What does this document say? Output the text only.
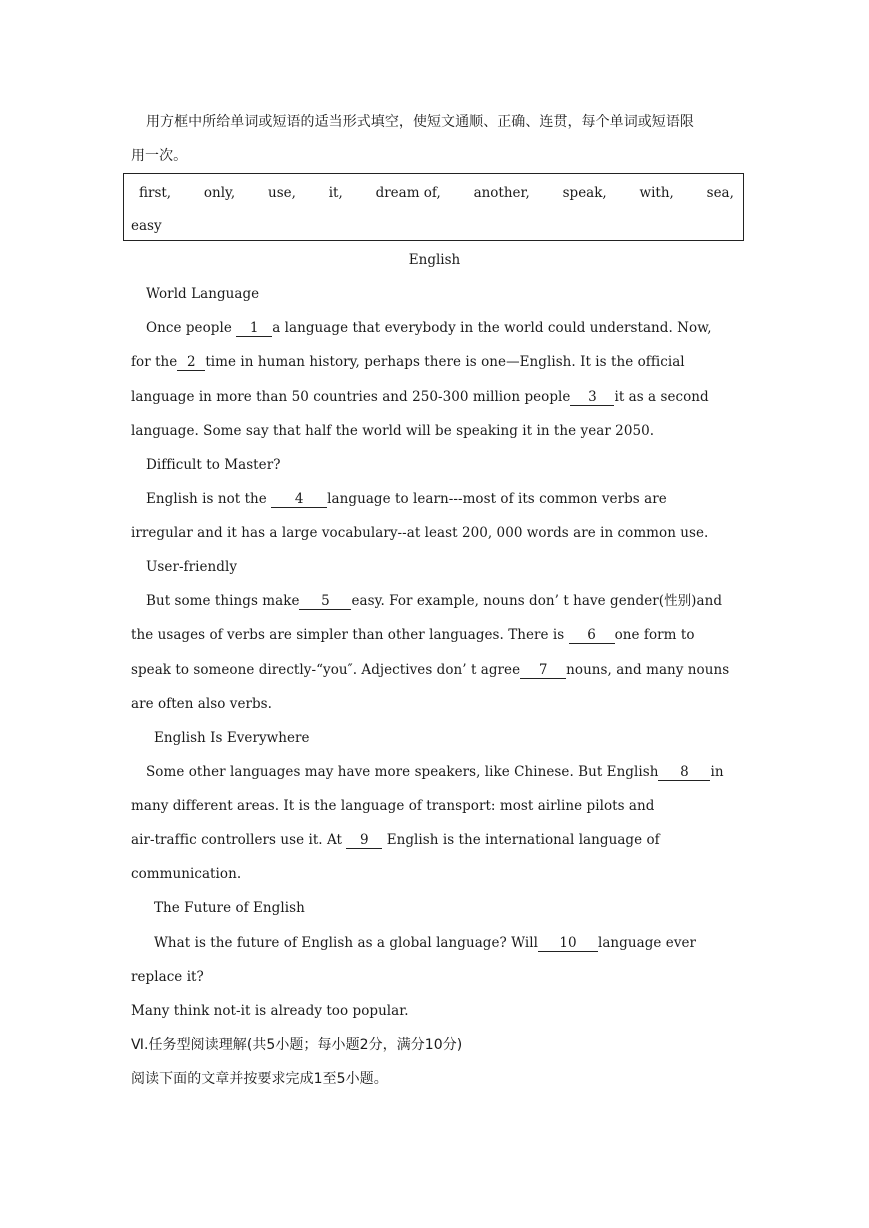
用方框中所给单词或短语的适当形式填空，使短文通顺、正确、连贯，每个单词或短语限
用一次。
first, only, use, it, dream of, another, speak, with, sea,
easy
English
World Language
Once people 1 a language that everybody in the world could understand. Now,
for the 2 time in human history, perhaps there is one—English. It is the official
language in more than 50 countries and 250-300 million people 3 it as a second
language. Some say that half the world will be speaking it in the year 2050.
Difficult to Master?
English is not the 4 language to learn---most of its common verbs are
irregular and it has a large vocabulary--at least 200, 000 words are in common use.
User-friendly
But some things make 5 easy. For example, nouns don’ t have gender(性别)and
the usages of verbs are simpler than other languages. There is 6 one form to
speak to someone directly-“you″. Adjectives don’ t agree 7 nouns, and many nouns
are often also verbs.
English Is Everywhere
Some other languages may have more speakers, like Chinese. But English 8 in
many different areas. It is the language of transport: most airline pilots and
air-traffic controllers use it. At 9 English is the international language of
communication.
The Future of English
What is the future of English as a global language? Will 10 language ever
replace it?
Many think not-it is already too popular.
Ⅵ.任务型阅读理解(共5小题；每小题2分，满分10分)
阅读下面的文章并按要求完成1至5小题。
